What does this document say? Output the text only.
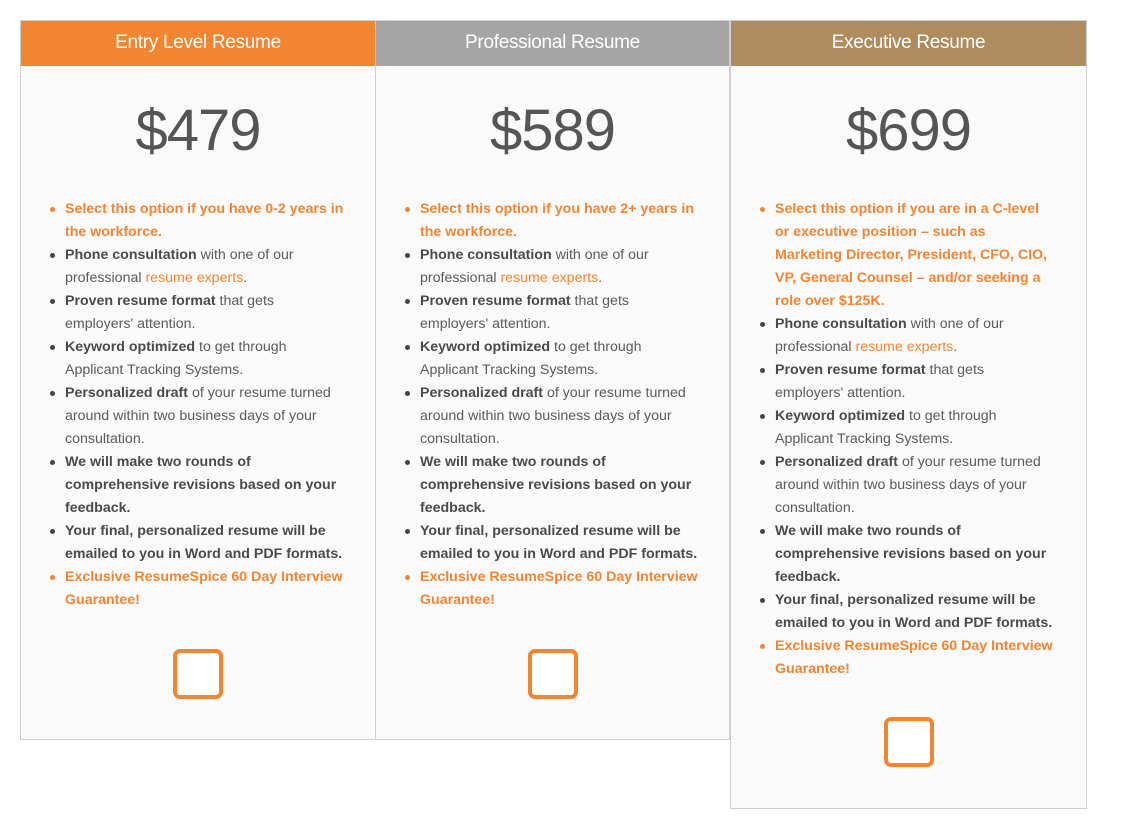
Entry Level Resume
$479
Select this option if you have 0-2 years in the workforce.
Phone consultation with one of our professional resume experts.
Proven resume format that gets employers' attention.
Keyword optimized to get through Applicant Tracking Systems.
Personalized draft of your resume turned around within two business days of your consultation.
We will make two rounds of comprehensive revisions based on your feedback.
Your final, personalized resume will be emailed to you in Word and PDF formats.
Exclusive ResumeSpice 60 Day Interview Guarantee!
Professional Resume
$589
Select this option if you have 2+ years in the workforce.
Phone consultation with one of our professional resume experts.
Proven resume format that gets employers' attention.
Keyword optimized to get through Applicant Tracking Systems.
Personalized draft of your resume turned around within two business days of your consultation.
We will make two rounds of comprehensive revisions based on your feedback.
Your final, personalized resume will be emailed to you in Word and PDF formats.
Exclusive ResumeSpice 60 Day Interview Guarantee!
Executive Resume
$699
Select this option if you are in a C-level or executive position – such as Marketing Director, President, CFO, CIO, VP, General Counsel – and/or seeking a role over $125K.
Phone consultation with one of our professional resume experts.
Proven resume format that gets employers' attention.
Keyword optimized to get through Applicant Tracking Systems.
Personalized draft of your resume turned around within two business days of your consultation.
We will make two rounds of comprehensive revisions based on your feedback.
Your final, personalized resume will be emailed to you in Word and PDF formats.
Exclusive ResumeSpice 60 Day Interview Guarantee!
